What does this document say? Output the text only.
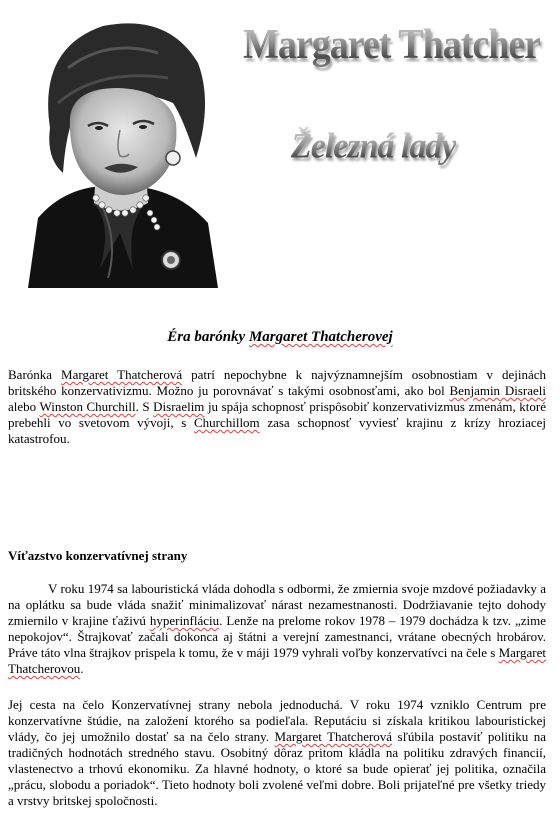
Margaret Thatcher
Železná lady
Éra barónky Margaret Thatcherovej

Barónka Margaret Thatcherová patrí nepochybne k najvýznamnejším osobnostiam v dejinách britského konzervativizmu. Možno ju porovnávať s takými osobnosťami, ako bol Benjamin Disraeli alebo Winston Churchill. S Disraelim ju spája schopnosť prispôsobiť konzervativizmus zmenám, ktoré prebehli vo svetovom vývoji, s Churchillom zasa schopnosť vyviesť krajinu z krízy hroziacej katastrofou.

Víťazstvo konzervatívnej strany

V roku 1974 sa labouristická vláda dohodla s odbormi, že zmiernia svoje mzdové požiadavky a na oplátku sa bude vláda snažiť minimalizovať nárast nezamestnanosti. Dodržiavanie tejto dohody zmiernilo v krajine ťaživú hyperinfláciu. Lenže na prelome rokov 1978 – 1979 dochádza k tzv. „zime nepokojov“. Štrajkovať začali dokonca aj štátni a verejní zamestnanci, vrátane obecných hrobárov. Práve táto vlna štrajkov prispela k tomu, že v máji 1979 vyhrali voľby konzervatívci na čele s Margaret Thatcherovou.

Jej cesta na čelo Konzervatívnej strany nebola jednoduchá. V roku 1974 vzniklo Centrum pre konzervatívne štúdie, na založení ktorého sa podieľala. Reputáciu si získala kritikou labouristickej vlády, čo jej umožnilo dostať sa na čelo strany. Margaret Thatcherová sľúbila postaviť politiku na tradičných hodnotách stredného stavu. Osobitný dôraz pritom kládla na politiku zdravých financií, vlastenectvo a trhovú ekonomiku. Za hlavné hodnoty, o ktoré sa bude opierať jej politika, označila „prácu, slobodu a poriadok“. Tieto hodnoty boli zvolené veľmi dobre. Boli prijateľné pre všetky triedy a vrstvy britskej spoločnosti.
